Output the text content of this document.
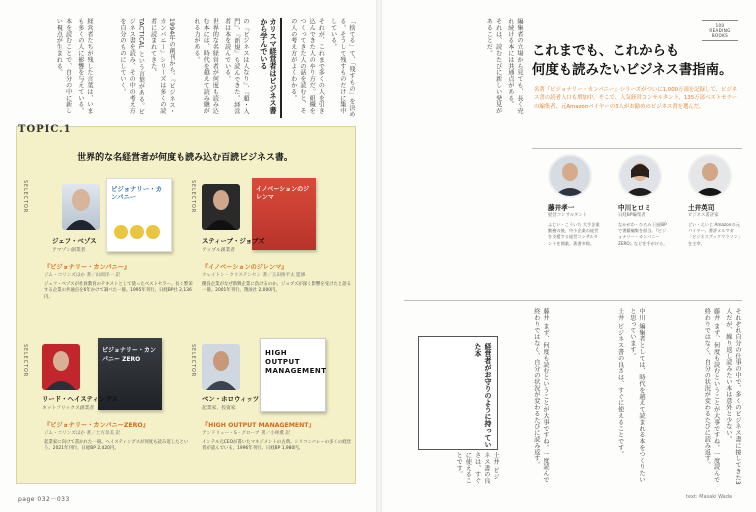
「捨てる」て、「残すもの」を決める。そうして残すものだけに集中している。

それが、これまで多くの人を引き込んできた人のやり方だ。組織をつくってきた人の話を読むと、その人の考え方がよくわかる。

カリスマ経営者はビジネス書から学んでいる

の『ビジネスは人なり』、『超・入門』、『新規』も読んできた。経営者は本を読んでいる。

世界的な名経営者が何度も読み込む本には、時代を越えて読み継がれる力がある。

1994年の創刊から、『ビジネス・カンパニー』シリーズは多くの読者に読まれてきた。

TACTICAL という言葉がある。ビジネス書を読み、その中の考え方を自分のものにしていく。

経営者たちが残した言葉は、いまも多くの人に影響を与えている。

本を読むことで、自分の中に新しい視点が生まれる。

TOPIC.1
世界的な名経営者が何度も読み込む百読ビジネス書。
SELECTOR	ビジョナリー・カンパニー
ジェフ・ベゾス
アマゾン創業者
『ビジョナリー・カンパニー』
ジム・コリンズほか 著／山岡洋一 訳
ジェフ・ベゾスが社員教育のテキストとして使ったベストセラー。長く繁栄する企業の共通点を6年かけて調べた一冊。1995年刊行、日経BP社 2,136円。
SELECTOR	イノベーションのジレンマ
スティーブ・ジョブズ
アップル創業者
『イノベーションのジレンマ』
クレイトン・クリステンセン 著／玉田俊平太 監修
優良企業がなぜ新興企業に負けるのか。ジョブズが深く影響を受けたと語る一冊。2001年刊行、翔泳社 2,000円。
SELECTOR	ビジョナリー・カンパニー ZERO
リード・ヘイスティングス
ネットフリックス創業者
『ビジョナリー・カンパニーZERO』
ジム・コリンズほか 著／土方奈美 訳
起業家に向けて書かれた一冊。ヘイスティングスが何度も読み返したという。2021年刊行、日経BP 2,420円。
SELECTOR	HIGH OUTPUT MANAGEMENT
ベン・ホロウィッツ
起業家、投資家
『HIGH OUTPUT MANAGEMENT』
アンドリュー・S・グローブ 著／小林薫 訳
インテル元CEOが書いたマネジメントの古典。シリコンバレーの多くの経営者が読んでいる。1996年刊行、日経BP 1,980円。
page 032－033

編集者の立場から見ても、長く売れ続ける本には共通点がある。

それは、読むたびに新しい発見があることだ。	100
READING BOOKS
これまでも、これからも
何度も読みたいビジネス書指南。
名著『ビジョナリー・カンパニー』シリーズがついに1,000万部を記録して、ビジネス書の読者人口も増加中。そこで、人気経営コンサルタント、135万部ベストセラーの編集者、元Amazonバイヤーの3人がお勧めのビジネス書を選んだ。
藤井孝一
経営コンサルタント
ふじい・こういち 大手企業勤務の後、中小企業の経営を支援する経営コンサルタントを開業。著書多数。
中川ヒロミ
日経BP編集者
なかがわ・ひろみ 日経BPで書籍編集を担当。『ビジョナリー・カンパニーZERO』などを手がける。
土井英司
ビジネス書評家
どい・えいじ Amazonの元バイヤー。書評メルマガ「ビジネスブックマラソン」を主宰。

それぞれ自分の仕事の中で、多くのビジネス書に接してきた3人だが、繰り返し読みたい本は意外と少ない。

藤井 まず、何度も読むということが大事ですね。一度読んで終わりではなく、自分の状況が変わるたびに読み返す。

中川 編集者としては、時代を越えて読まれる本をつくりたいと思っています。

土井 ビジネス書の良さは、すぐに使えることです。

藤井 まず、何度も読むということが大事ですね。一度読んで終わりではなく、自分の状況が変わるたびに読み返す。

経営者がお守りのように持っていた本

土井 ビジネス書の良さは、すぐに使えることです。

text: Masaki Wada
